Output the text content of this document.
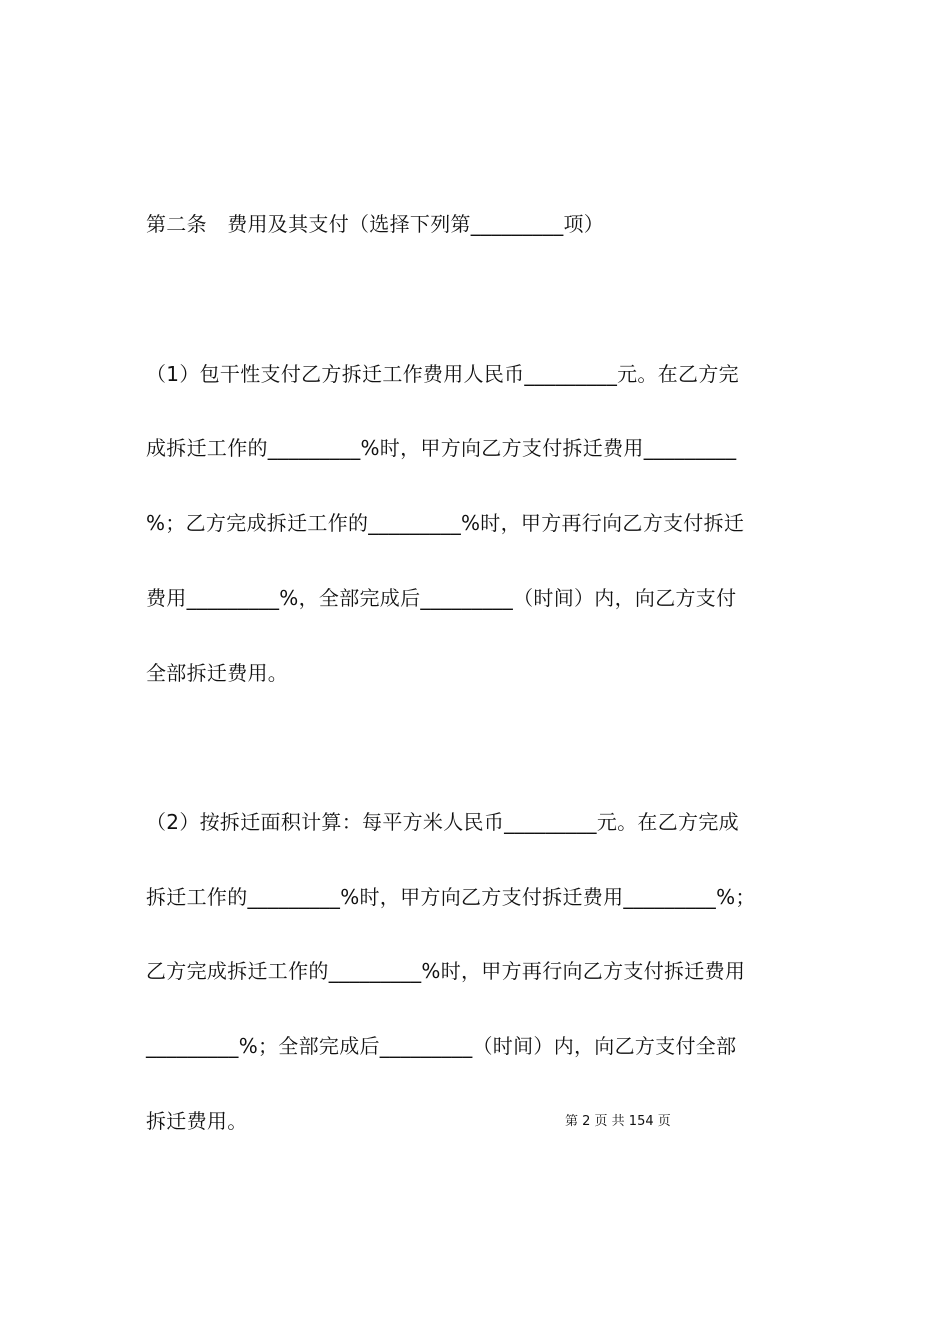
第二条　费用及其支付（选择下列第_________项）
（1）包干性支付乙方拆迁工作费用人民币_________元。在乙方完
成拆迁工作的_________%时，甲方向乙方支付拆迁费用_________
%；乙方完成拆迁工作的_________%时，甲方再行向乙方支付拆迁
费用_________%，全部完成后_________（时间）内，向乙方支付
全部拆迁费用。
（2）按拆迁面积计算：每平方米人民币_________元。在乙方完成
拆迁工作的_________%时，甲方向乙方支付拆迁费用_________%；
乙方完成拆迁工作的_________%时，甲方再行向乙方支付拆迁费用
_________%；全部完成后_________（时间）内，向乙方支付全部
拆迁费用。	第 2 页 共 154 页
